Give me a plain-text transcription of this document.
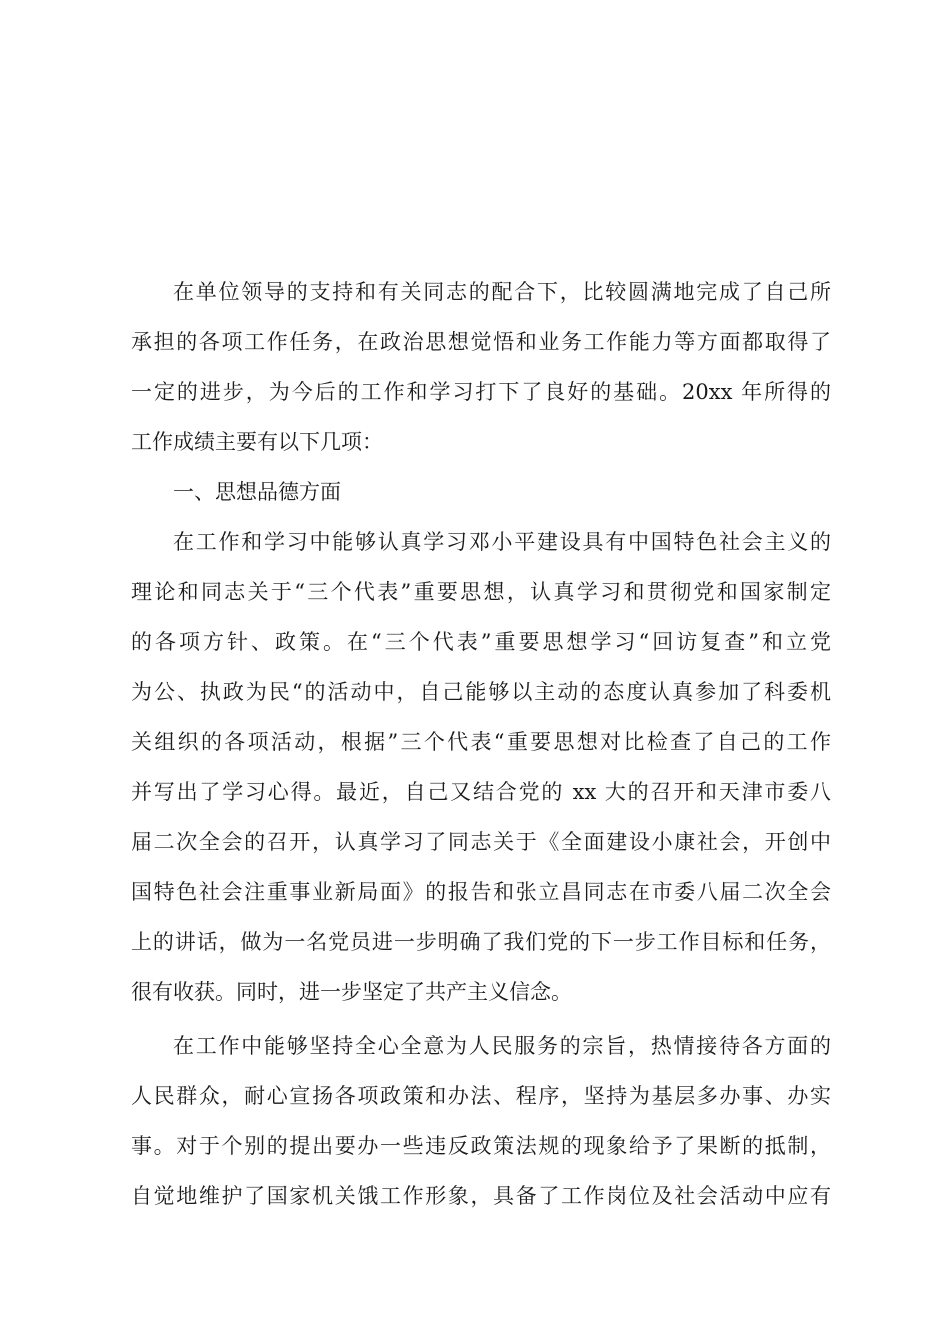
在单位领导的支持和有关同志的配合下，比较圆满地完成了自己所
承担的各项工作任务，在政治思想觉悟和业务工作能力等方面都取得了
一定的进步，为今后的工作和学习打下了良好的基础。20xx 年所得的
工作成绩主要有以下几项：
一、思想品德方面
在工作和学习中能够认真学习邓小平建设具有中国特色社会主义的
理论和同志关于“三个代表”重要思想，认真学习和贯彻党和国家制定
的各项方针、政策。在“三个代表”重要思想学习“回访复查”和立党
为公、执政为民“的活动中，自己能够以主动的态度认真参加了科委机
关组织的各项活动，根据”三个代表“重要思想对比检查了自己的工作
并写出了学习心得。最近，自己又结合党的 xx 大的召开和天津市委八
届二次全会的召开，认真学习了同志关于《全面建设小康社会，开创中
国特色社会注重事业新局面》的报告和张立昌同志在市委八届二次全会
上的讲话，做为一名党员进一步明确了我们党的下一步工作目标和任务，
很有收获。同时，进一步坚定了共产主义信念。
在工作中能够坚持全心全意为人民服务的宗旨，热情接待各方面的
人民群众，耐心宣扬各项政策和办法、程序，坚持为基层多办事、办实
事。对于个别的提出要办一些违反政策法规的现象给予了果断的抵制，
自觉地维护了国家机关饿工作形象，具备了工作岗位及社会活动中应有
